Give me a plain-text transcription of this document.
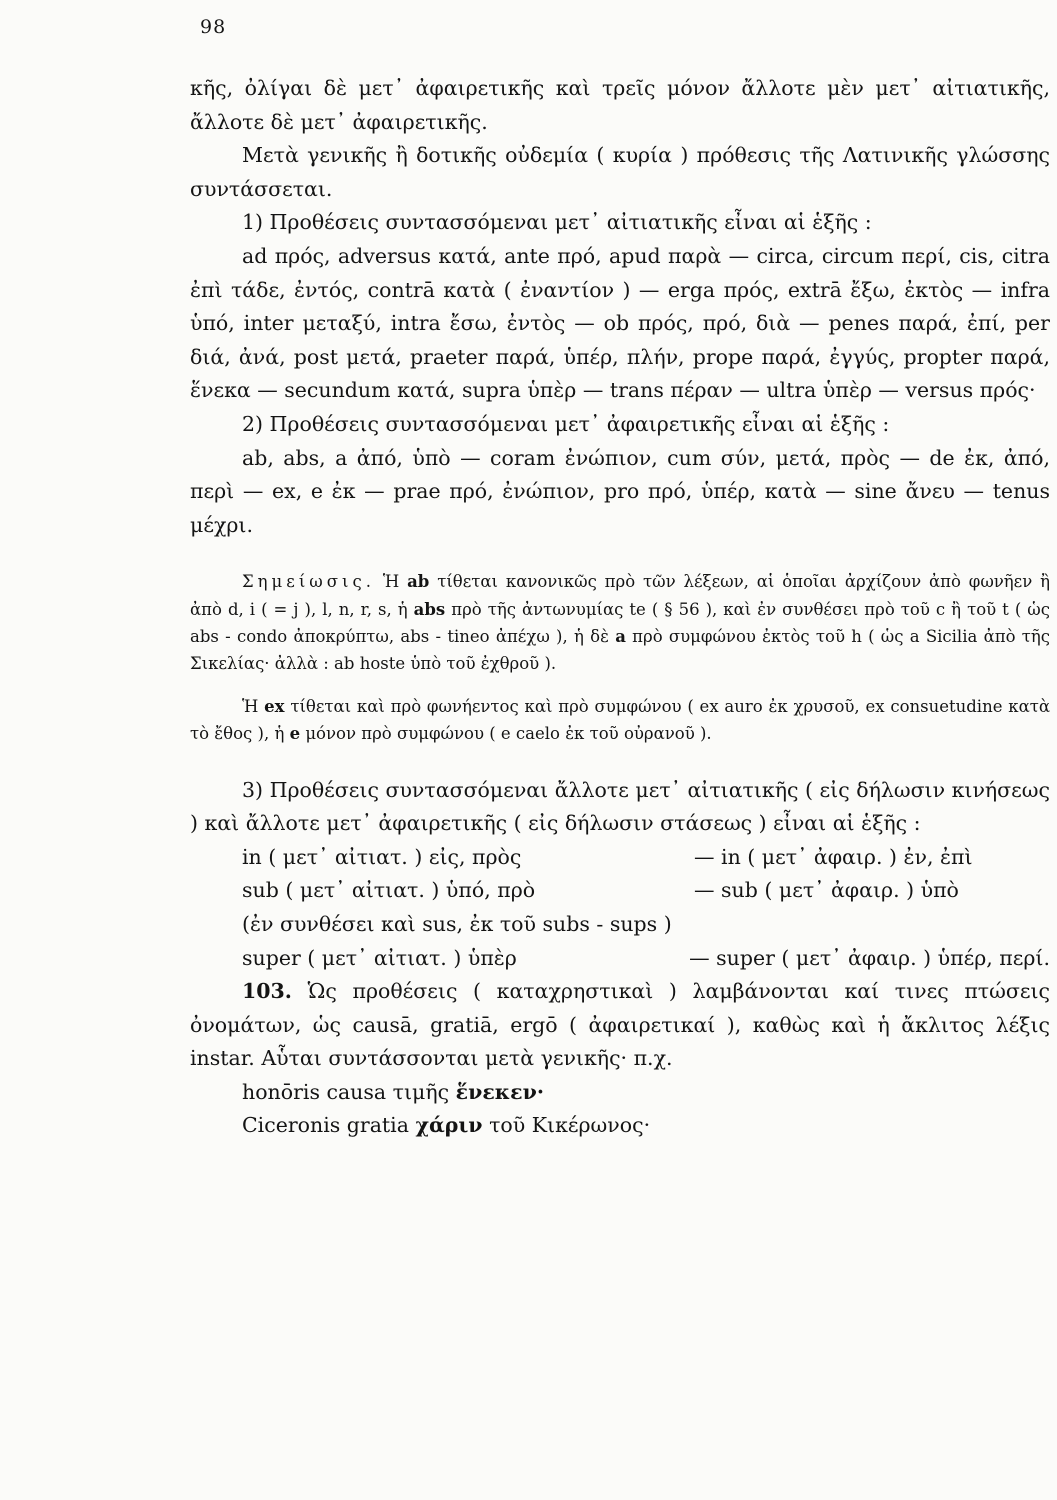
98

κῆς, ὀλίγαι δὲ μετ᾽ ἀφαιρετικῆς καὶ τρεῖς μόνον ἄλλοτε μὲν μετ᾽ αἰτιατικῆς, ἄλλοτε δὲ μετ᾽ ἀφαιρετικῆς.

Μετὰ γενικῆς ἢ δοτικῆς οὐδεμία ( κυρία ) πρόθεσις τῆς Λατινικῆς γλώσσης συντάσσεται.

1) Προθέσεις συντασσόμεναι μετ᾽ αἰτιατικῆς εἶναι αἱ ἑξῆς :

ad πρός, adversus κατά, ante πρό, apud παρὰ — circa, circum περί, cis, citra ἐπὶ τάδε, ἐντός, contrā κατὰ ( ἐναντίον ) — erga πρός, extrā ἔξω, ἐκτὸς — infra ὑπό, inter μεταξύ, intra ἔσω, ἐντὸς — ob πρός, πρό, διὰ — penes παρά, ἐπί, per διά, ἀνά, post μετά, praeter παρά, ὑπέρ, πλήν, prope παρά, ἐγγύς, propter παρά, ἕνεκα — secundum κατά, supra ὑπὲρ — trans πέραν — ultra ὑπὲρ — versus πρός·

2) Προθέσεις συντασσόμεναι μετ᾽ ἀφαιρετικῆς εἶναι αἱ ἑξῆς :

ab, abs, a ἀπό, ὑπὸ — coram ἐνώπιον, cum σύν, μετά, πρὸς — de ἐκ, ἀπό, περὶ — ex, e ἐκ — prae πρό, ἐνώπιον, pro πρό, ὑπέρ, κατὰ — sine ἄνευ — tenus μέχρι.

Σημείωσις. Ἡ ab τίθεται κανονικῶς πρὸ τῶν λέξεων, αἱ ὁποῖαι ἀρχίζουν ἀπὸ φωνῆεν ἢ ἀπὸ d, i ( = j ), l, n, r, s, ἡ abs πρὸ τῆς ἀντωνυμίας te ( § 56 ), καὶ ἐν συνθέσει πρὸ τοῦ c ἢ τοῦ t ( ὡς abs - condo ἀποκρύπτω, abs - tineo ἀπέχω ), ἡ δὲ a πρὸ συμφώνου ἐκτὸς τοῦ h ( ὡς a Sicilia ἀπὸ τῆς Σικελίας· ἀλλὰ : ab hoste ὑπὸ τοῦ ἐχθροῦ ).

Ἡ ex τίθεται καὶ πρὸ φωνήεντος καὶ πρὸ συμφώνου ( ex auro ἐκ χρυσοῦ, ex consuetudine κατὰ τὸ ἔθος ), ἡ e μόνον πρὸ συμφώνου ( e caelo ἐκ τοῦ οὐρανοῦ ).

3) Προθέσεις συντασσόμεναι ἄλλοτε μετ᾽ αἰτιατικῆς ( εἰς δήλωσιν κινήσεως ) καὶ ἄλλοτε μετ᾽ ἀφαιρετικῆς ( εἰς δήλωσιν στάσεως ) εἶναι αἱ ἑξῆς :

in ( μετ᾽ αἰτιατ. ) εἰς, πρὸς	— in ( μετ᾽ ἀφαιρ. ) ἐν, ἐπὶ
sub ( μετ᾽ αἰτιατ. ) ὑπό, πρὸ	— sub ( μετ᾽ ἀφαιρ. ) ὑπὸ
(ἐν συνθέσει καὶ sus, ἐκ τοῦ subs - sups )
super ( μετ᾽ αἰτιατ. ) ὑπὲρ	— super ( μετ᾽ ἀφαιρ. ) ὑπέρ, περί.

103. Ὡς προθέσεις ( καταχρηστικαὶ ) λαμβάνονται καί τινες πτώσεις ὀνομάτων, ὡς causā, gratiā, ergō ( ἀφαιρετικαί ), καθὼς καὶ ἡ ἄκλιτος λέξις instar. Αὗται συντάσσονται μετὰ γενικῆς· π.χ.

honōris causa τιμῆς ἕνεκεν·
Ciceronis gratia χάριν τοῦ Κικέρωνος·
